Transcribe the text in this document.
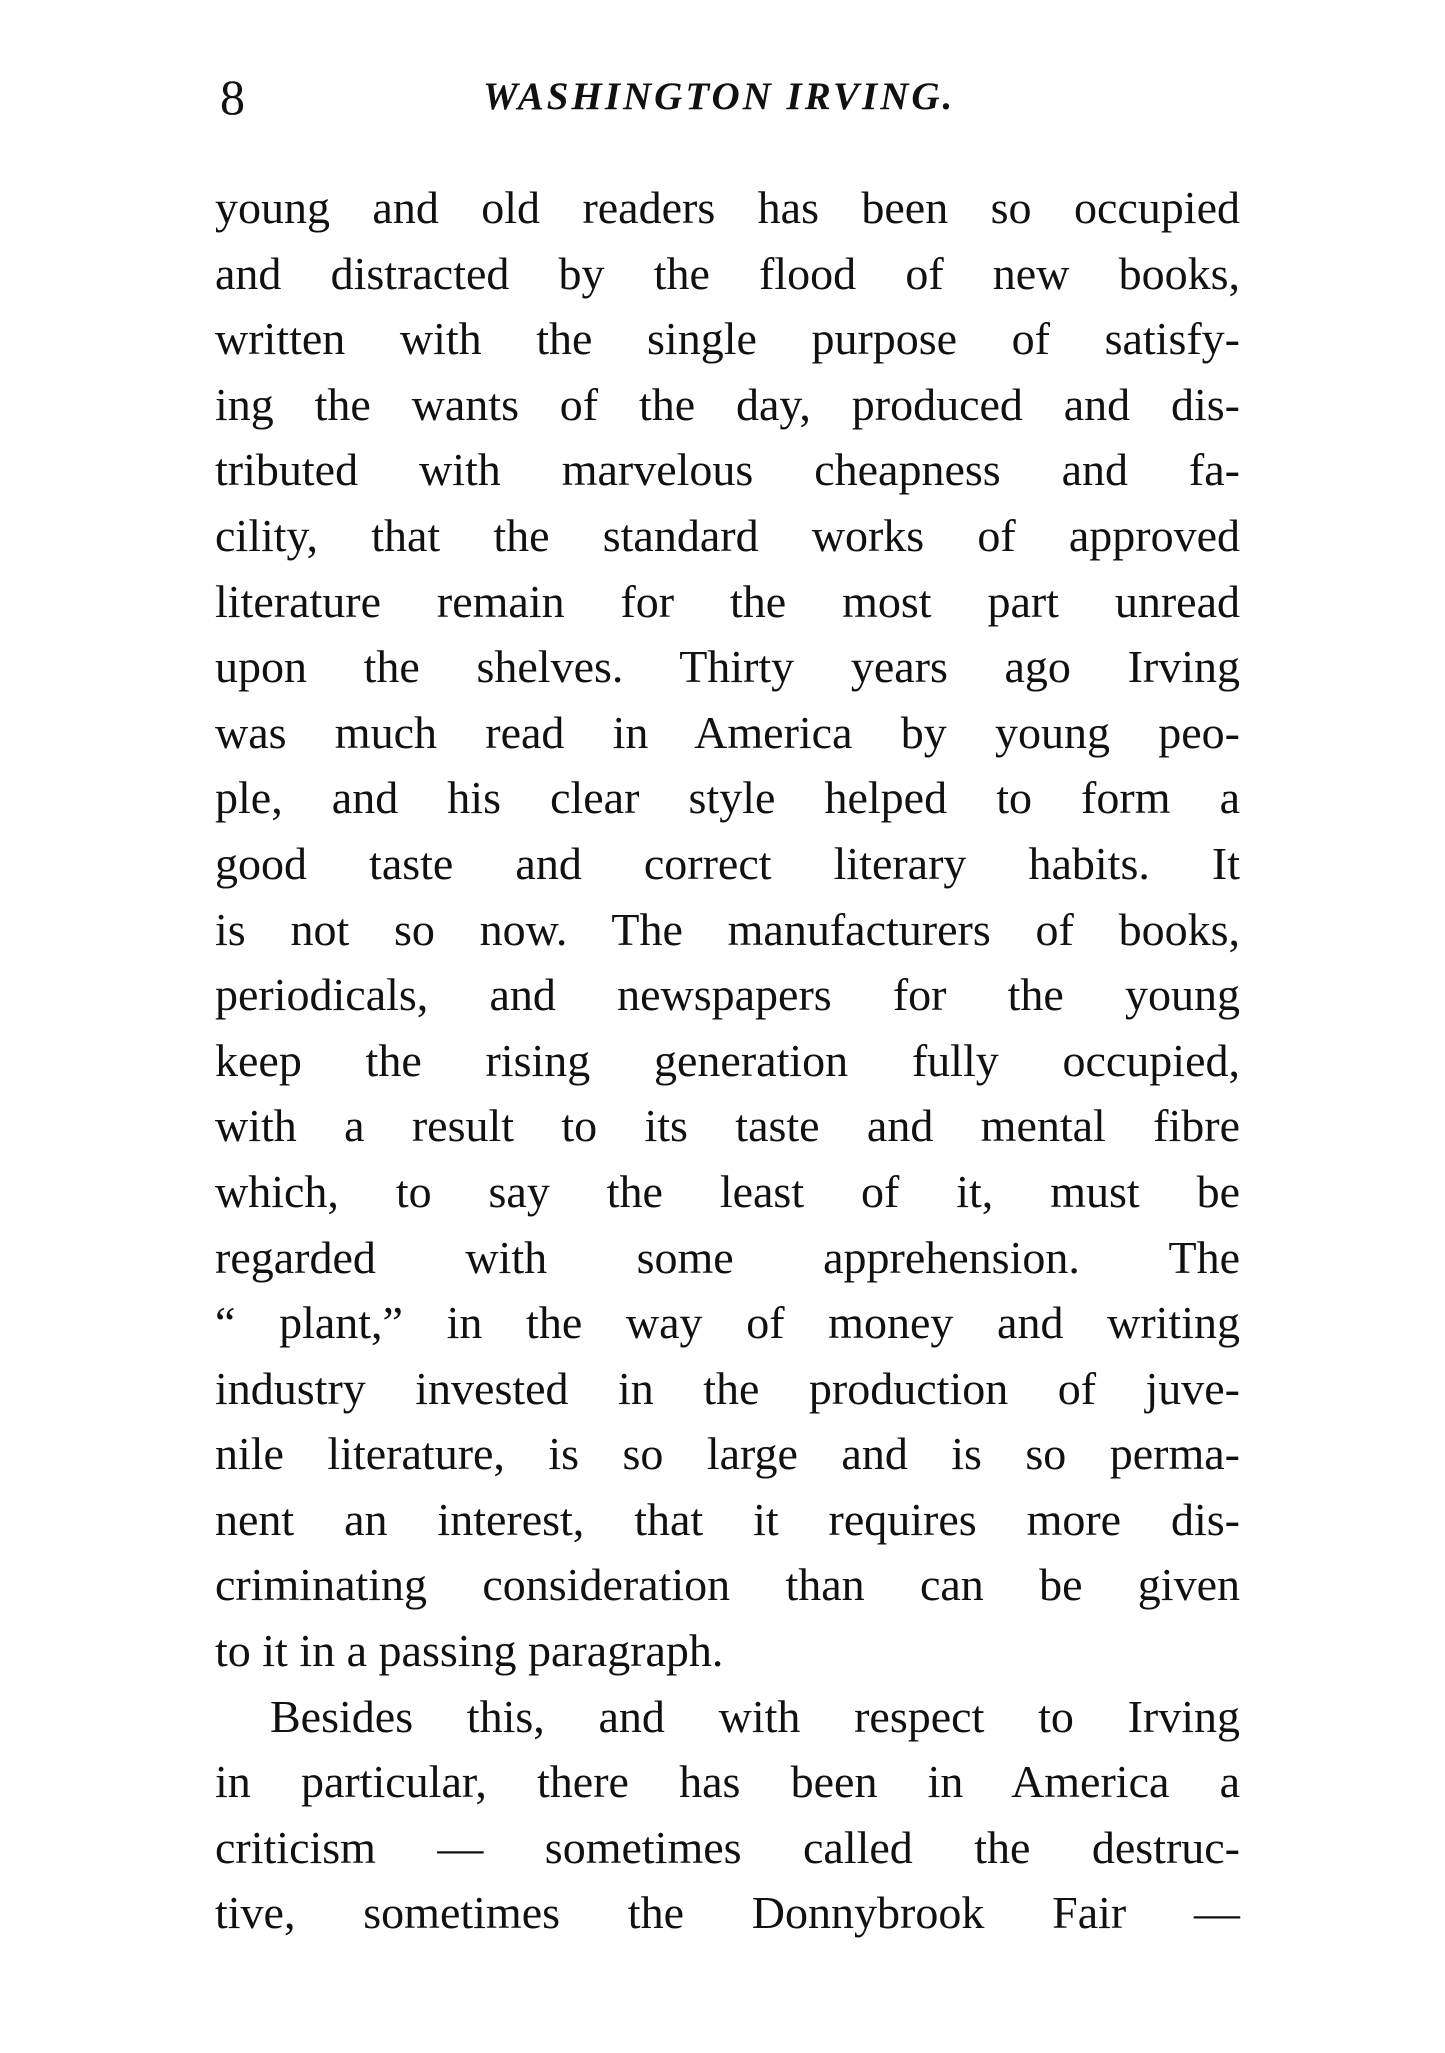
8	WASHINGTON IRVING.
young and old readers has been so occupied
and distracted by the flood of new books,
written with the single purpose of satisfy-
ing the wants of the day, produced and dis-
tributed with marvelous cheapness and fa-
cility, that the standard works of approved
literature remain for the most part unread
upon the shelves. Thirty years ago Irving
was much read in America by young peo-
ple, and his clear style helped to form a
good taste and correct literary habits. It
is not so now. The manufacturers of books,
periodicals, and newspapers for the young
keep the rising generation fully occupied,
with a result to its taste and mental fibre
which, to say the least of it, must be
regarded with some apprehension. The
“ plant,” in the way of money and writing
industry invested in the production of juve-
nile literature, is so large and is so perma-
nent an interest, that it requires more dis-
criminating consideration than can be given
to it in a passing paragraph.
Besides this, and with respect to Irving
in particular, there has been in America a
criticism — sometimes called the destruc-
tive, sometimes the Donnybrook Fair —
